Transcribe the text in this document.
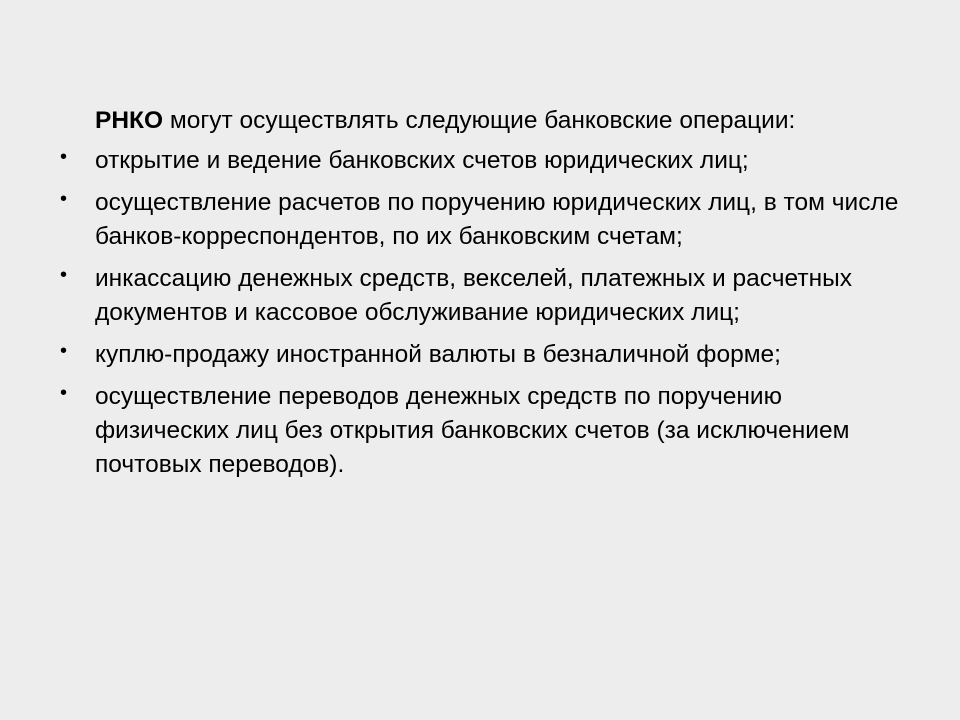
РНКО могут осуществлять следующие банковские операции:

• открытие и ведение банковских счетов юридических лиц;
• осуществление расчетов по поручению юридических лиц, в том числе банков-корреспондентов, по их банковским счетам;
• инкассацию денежных средств, векселей, платежных и расчетных документов и кассовое обслуживание юридических лиц;
• куплю-продажу иностранной валюты в безналичной форме;
• осуществление переводов денежных средств по поручению физических лиц без открытия банковских счетов (за исключением почтовых переводов).
